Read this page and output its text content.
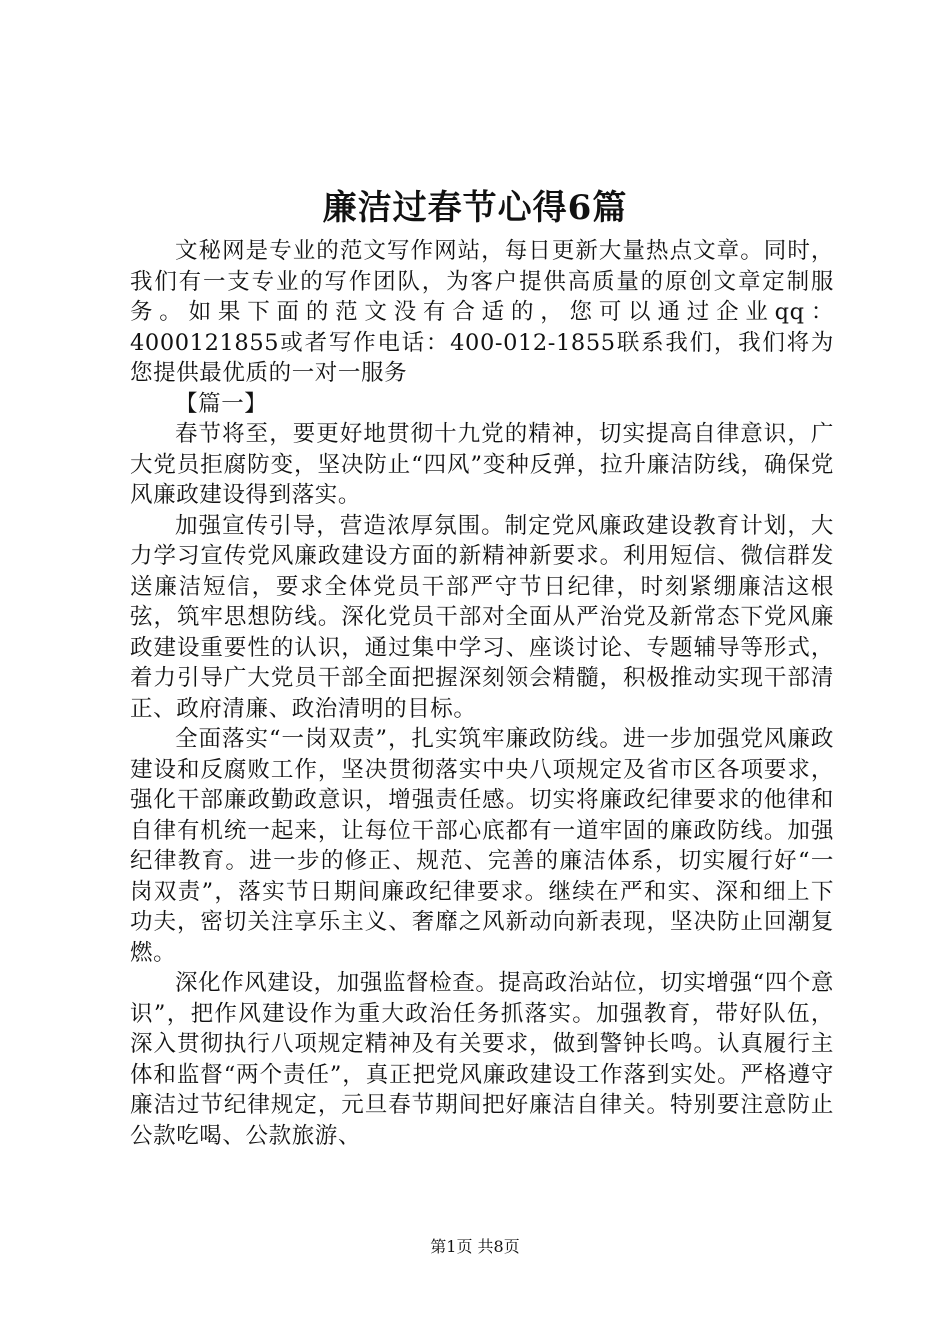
廉洁过春节心得6篇

文秘网是专业的范文写作网站，每日更新大量热点文章。同时，我们有一支专业的写作团队，为客户提供高质量的原创文章定制服务。如果下面的范文没有合适的，您可以通过企业qq：4000121855或者写作电话：400-012-1855联系我们，我们将为您提供最优质的一对一服务

【篇一】

春节将至，要更好地贯彻十九党的精神，切实提高自律意识，广大党员拒腐防变，坚决防止“四风”变种反弹，拉升廉洁防线，确保党风廉政建设得到落实。

加强宣传引导，营造浓厚氛围。制定党风廉政建设教育计划，大力学习宣传党风廉政建设方面的新精神新要求。利用短信、微信群发送廉洁短信，要求全体党员干部严守节日纪律，时刻紧绷廉洁这根弦，筑牢思想防线。深化党员干部对全面从严治党及新常态下党风廉政建设重要性的认识，通过集中学习、座谈讨论、专题辅导等形式，着力引导广大党员干部全面把握深刻领会精髓，积极推动实现干部清正、政府清廉、政治清明的目标。

全面落实“一岗双责”，扎实筑牢廉政防线。进一步加强党风廉政建设和反腐败工作，坚决贯彻落实中央八项规定及省市区各项要求，强化干部廉政勤政意识，增强责任感。切实将廉政纪律要求的他律和自律有机统一起来，让每位干部心底都有一道牢固的廉政防线。加强纪律教育。进一步的修正、规范、完善的廉洁体系，切实履行好“一岗双责”，落实节日期间廉政纪律要求。继续在严和实、深和细上下功夫，密切关注享乐主义、奢靡之风新动向新表现，坚决防止回潮复燃。

深化作风建设，加强监督检查。提高政治站位，切实增强“四个意识”，把作风建设作为重大政治任务抓落实。加强教育，带好队伍，深入贯彻执行八项规定精神及有关要求，做到警钟长鸣。认真履行主体和监督“两个责任”，真正把党风廉政建设工作落到实处。严格遵守廉洁过节纪律规定，元旦春节期间把好廉洁自律关。特别要注意防止公款吃喝、公款旅游、

第1页 共8页
